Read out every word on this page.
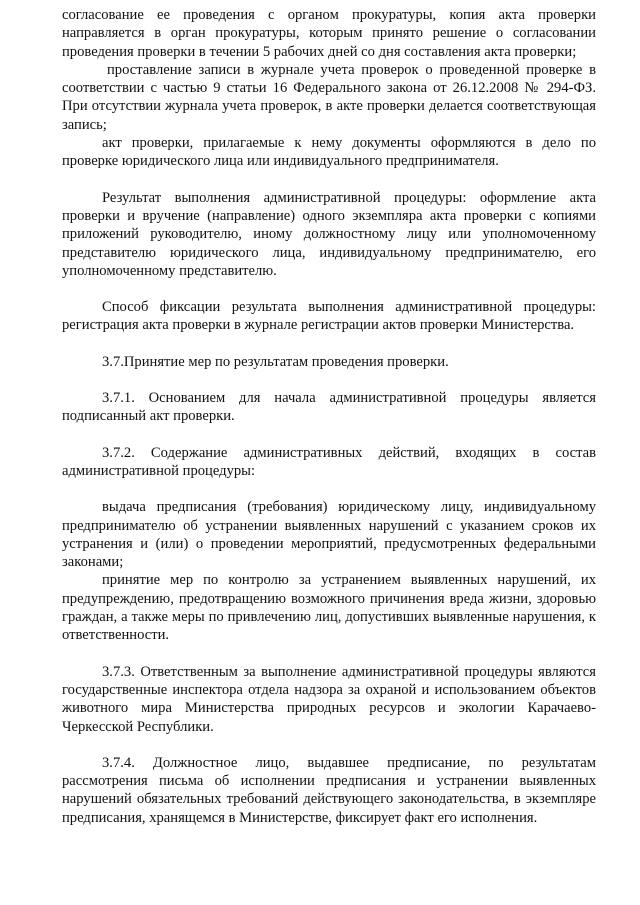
согласование ее проведения с органом прокуратуры, копия акта проверки направляется в орган прокуратуры, которым принято решение о согласовании проведения проверки в течении 5 рабочих дней со дня составления акта проверки;

проставление записи в журнале учета проверок о проведенной проверке в соответствии с частью 9 статьи 16 Федерального закона от 26.12.2008 № 294-ФЗ. При отсутствии журнала учета проверок, в акте проверки делается соответствующая запись;

акт проверки, прилагаемые к нему документы оформляются в дело по проверке юридического лица или индивидуального предпринимателя.

Результат выполнения административной процедуры: оформление акта проверки и вручение (направление) одного экземпляра акта проверки с копиями приложений руководителю, иному должностному лицу или уполномоченному представителю юридического лица, индивидуальному предпринимателю, его уполномоченному представителю.

Способ фиксации результата выполнения административной процедуры: регистрация акта проверки в журнале регистрации актов проверки Министерства.

3.7.Принятие мер по результатам проведения проверки.

3.7.1. Основанием для начала административной процедуры является подписанный акт проверки.

3.7.2. Содержание административных действий, входящих в состав административной процедуры:

выдача предписания (требования) юридическому лицу, индивидуальному предпринимателю об устранении выявленных нарушений с указанием сроков их устранения и (или) о проведении мероприятий, предусмотренных федеральными законами;

принятие мер по контролю за устранением выявленных нарушений, их предупреждению, предотвращению возможного причинения вреда жизни, здоровью граждан, а также меры по привлечению лиц, допустивших выявленные нарушения, к ответственности.

3.7.3. Ответственным за выполнение административной процедуры являются государственные инспектора отдела надзора за охраной и использованием объектов животного мира Министерства природных ресурсов и экологии Карачаево-Черкесской Республики.

3.7.4. Должностное лицо, выдавшее предписание, по результатам рассмотрения письма об исполнении предписания и устранении выявленных нарушений обязательных требований действующего законодательства, в экземпляре предписания, хранящемся в Министерстве, фиксирует факт его исполнения.
